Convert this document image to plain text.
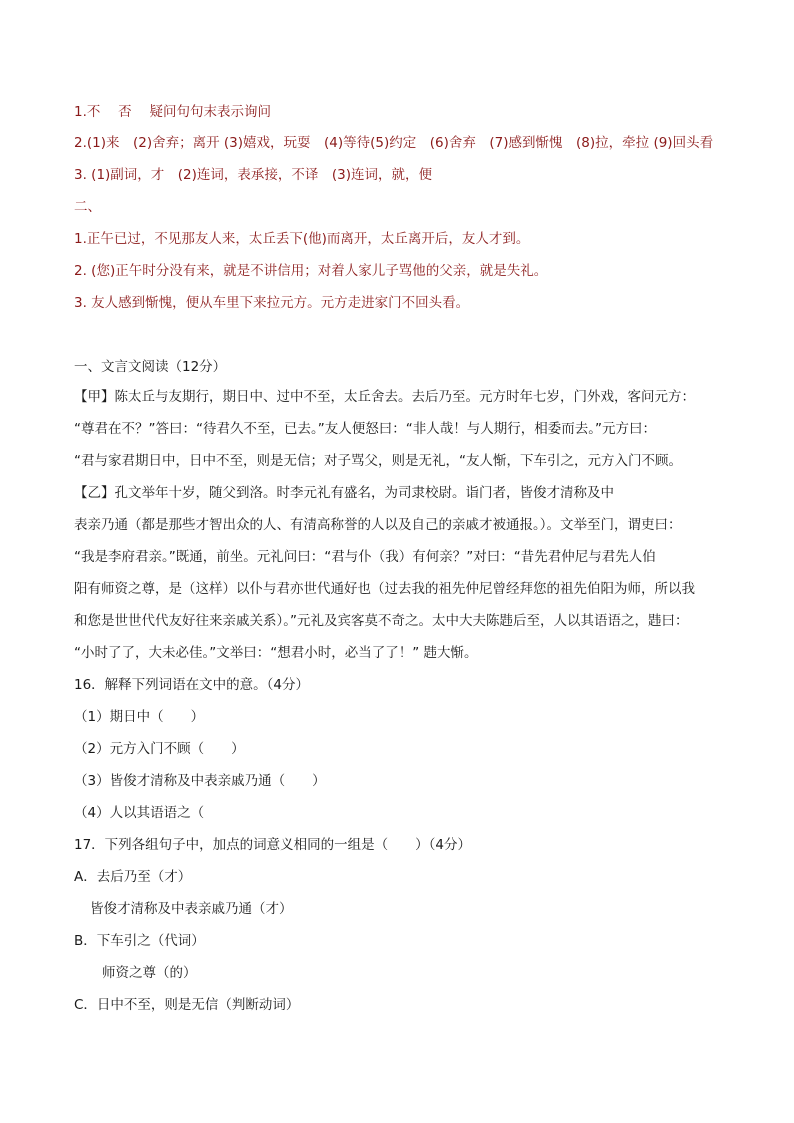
1.不　 否　 疑问句句末表示询问
2.(1)来　(2)舍弃；离开 (3)嬉戏，玩耍　(4)等待(5)约定　(6)舍弃　(7)感到惭愧　(8)拉，牵拉 (9)回头看
3. (1)副词，才　(2)连词，表承接，不译　(3)连词，就，便
二、
1.正午已过，不见那友人来，太丘丢下(他)而离开，太丘离开后，友人才到。
2. (您)正午时分没有来，就是不讲信用；对着人家儿子骂他的父亲，就是失礼。
3. 友人感到惭愧，便从车里下来拉元方。元方走进家门不回头看。
一、文言文阅读（12分）
【甲】陈太丘与友期行，期日中、过中不至，太丘舍去。去后乃至。元方时年七岁，门外戏，客问元方：
“尊君在不？”答曰：“待君久不至，已去。”友人便怒曰：“非人哉！与人期行，相委而去。”元方曰：
“君与家君期日中，日中不至，则是无信；对子骂父，则是无礼，“友人惭，下车引之，元方入门不顾。
【乙】孔文举年十岁，随父到洛。时李元礼有盛名，为司隶校尉。诣门者，皆俊才清称及中
表亲乃通（都是那些才智出众的人、有清高称誉的人以及自己的亲戚才被通报。）。文举至门，谓吏曰：
“我是李府君亲。”既通，前坐。元礼问曰：“君与仆（我）有何亲？”对曰：“昔先君仲尼与君先人伯
阳有师资之尊，是（这样）以仆与君亦世代通好也（过去我的祖先仲尼曾经拜您的祖先伯阳为师，所以我
和您是世世代代友好往来亲戚关系）。”元礼及宾客莫不奇之。太中大夫陈韪后至，人以其语语之，韪曰：
“小时了了，大未必佳。”文举曰：“想君小时，必当了了！” 韪大惭。
16．解释下列词语在文中的意。（4分）
（1）期日中（　　）
（2）元方入门不顾（　　）
（3）皆俊才清称及中表亲戚乃通（　　）
（4）人以其语语之（
17．下列各组句子中，加点的词意义相同的一组是（　　）（4分）
A．去后乃至（才）
皆俊才清称及中表亲戚乃通（才）
B．下车引之（代词）
师资之尊（的）
C．日中不至，则是无信（判断动词）
